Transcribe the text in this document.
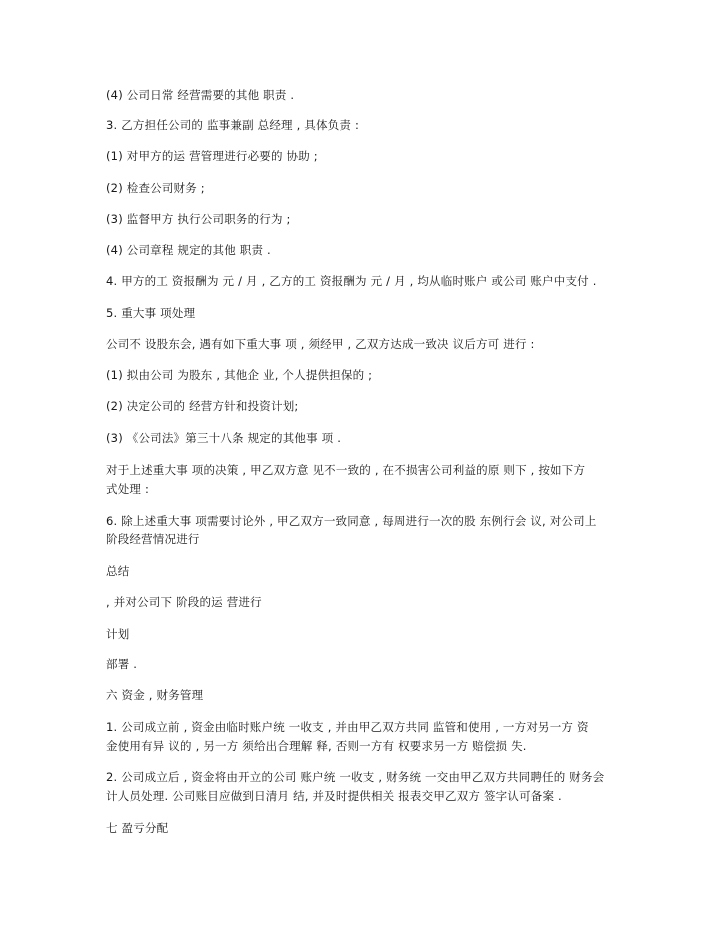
(4) 公司日常 经营需要的其他 职责 .
3. 乙方担任公司的 监事兼副 总经理 , 具体负责 :
(1) 对甲方的运 营管理进行必要的 协助 ;
(2) 检查公司财务 ;
(3) 监督甲方 执行公司职务的行为 ;
(4) 公司章程 规定的其他 职责 .
4. 甲方的工 资报酬为 元 / 月 , 乙方的工 资报酬为 元 / 月 , 均从临时账户 或公司 账户中支付 .
5. 重大事 项处理
公司不 设股东会, 遇有如下重大事 项 , 须经甲 , 乙双方达成一致决 议后方可 进行 :
(1) 拟由公司 为股东 , 其他企 业, 个人提供担保的 ;
(2) 决定公司的 经营方针和投资计划;
(3) 《公司法》第三十八条 规定的其他事 项 .
对于上述重大事 项的决策 , 甲乙双方意 见不一致的 , 在不损害公司利益的原 则下 , 按如下方
式处理 :
6. 除上述重大事 项需要讨论外 , 甲乙双方一致同意 , 每周进行一次的股 东例行会 议, 对公司上
阶段经营情况进行
总结
, 并对公司下 阶段的运 营进行
计划
部署 .
六 资金 , 财务管理
1. 公司成立前 , 资金由临时账户统 一收支 , 并由甲乙双方共同 监管和使用 , 一方对另一方 资
金使用有异 议的 , 另一方 须给出合理解 释, 否则一方有 权要求另一方 赔偿损 失.
2. 公司成立后 , 资金将由开立的公司 账户统 一收支 , 财务统 一交由甲乙双方共同聘任的 财务会
计人员处理. 公司账目应做到日清月 结, 并及时提供相关 报表交甲乙双方 签字认可备案 .
七 盈亏分配
